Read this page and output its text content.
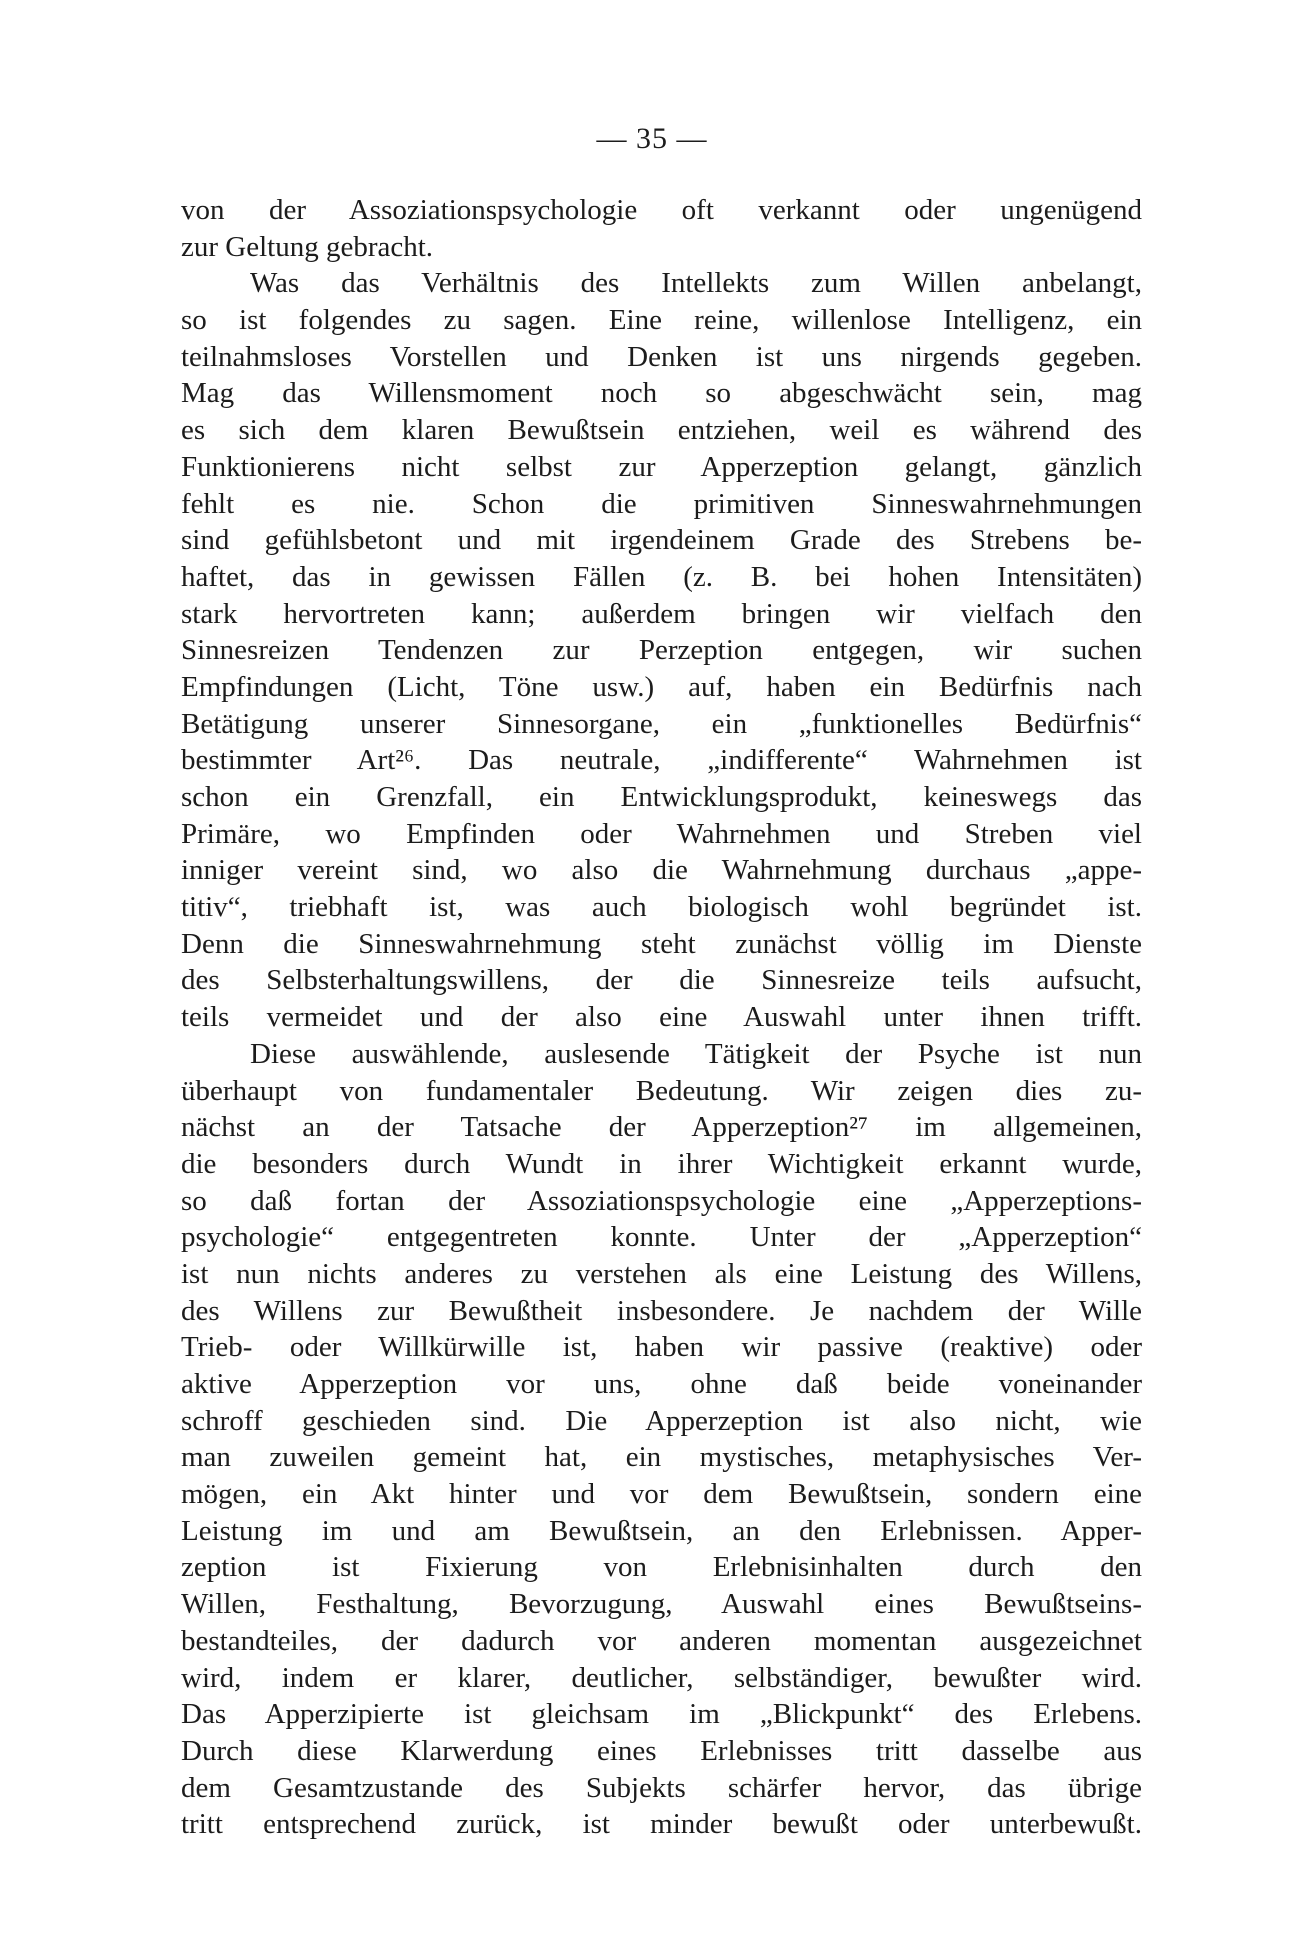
— 35 —
von der Assoziationspsychologie oft verkannt oder ungenügend
zur Geltung gebracht.
Was das Verhältnis des Intellekts zum Willen anbelangt,
so ist folgendes zu sagen. Eine reine, willenlose Intelligenz, ein
teilnahmsloses Vorstellen und Denken ist uns nirgends gegeben.
Mag das Willensmoment noch so abgeschwächt sein, mag
es sich dem klaren Bewußtsein entziehen, weil es während des
Funktionierens nicht selbst zur Apperzeption gelangt, gänzlich
fehlt es nie. Schon die primitiven Sinneswahrnehmungen
sind gefühlsbetont und mit irgendeinem Grade des Strebens be-
haftet, das in gewissen Fällen (z. B. bei hohen Intensitäten)
stark hervortreten kann; außerdem bringen wir vielfach den
Sinnesreizen Tendenzen zur Perzeption entgegen, wir suchen
Empfindungen (Licht, Töne usw.) auf, haben ein Bedürfnis nach
Betätigung unserer Sinnesorgane, ein „funktionelles Bedürfnis“
bestimmter Art²⁶. Das neutrale, „indifferente“ Wahrnehmen ist
schon ein Grenzfall, ein Entwicklungsprodukt, keineswegs das
Primäre, wo Empfinden oder Wahrnehmen und Streben viel
inniger vereint sind, wo also die Wahrnehmung durchaus „appe-
titiv“, triebhaft ist, was auch biologisch wohl begründet ist.
Denn die Sinneswahrnehmung steht zunächst völlig im Dienste
des Selbsterhaltungswillens, der die Sinnesreize teils aufsucht,
teils vermeidet und der also eine Auswahl unter ihnen trifft.
Diese auswählende, auslesende Tätigkeit der Psyche ist nun
überhaupt von fundamentaler Bedeutung. Wir zeigen dies zu-
nächst an der Tatsache der Apperzeption²⁷ im allgemeinen,
die besonders durch Wundt in ihrer Wichtigkeit erkannt wurde,
so daß fortan der Assoziationspsychologie eine „Apperzeptions-
psychologie“ entgegentreten konnte. Unter der „Apperzeption“
ist nun nichts anderes zu verstehen als eine Leistung des Willens,
des Willens zur Bewußtheit insbesondere. Je nachdem der Wille
Trieb- oder Willkürwille ist, haben wir passive (reaktive) oder
aktive Apperzeption vor uns, ohne daß beide voneinander
schroff geschieden sind. Die Apperzeption ist also nicht, wie
man zuweilen gemeint hat, ein mystisches, metaphysisches Ver-
mögen, ein Akt hinter und vor dem Bewußtsein, sondern eine
Leistung im und am Bewußtsein, an den Erlebnissen. Apper-
zeption ist Fixierung von Erlebnisinhalten durch den
Willen, Festhaltung, Bevorzugung, Auswahl eines Bewußtseins-
bestandteiles, der dadurch vor anderen momentan ausgezeichnet
wird, indem er klarer, deutlicher, selbständiger, bewußter wird.
Das Apperzipierte ist gleichsam im „Blickpunkt“ des Erlebens.
Durch diese Klarwerdung eines Erlebnisses tritt dasselbe aus
dem Gesamtzustande des Subjekts schärfer hervor, das übrige
tritt entsprechend zurück, ist minder bewußt oder unterbewußt.
